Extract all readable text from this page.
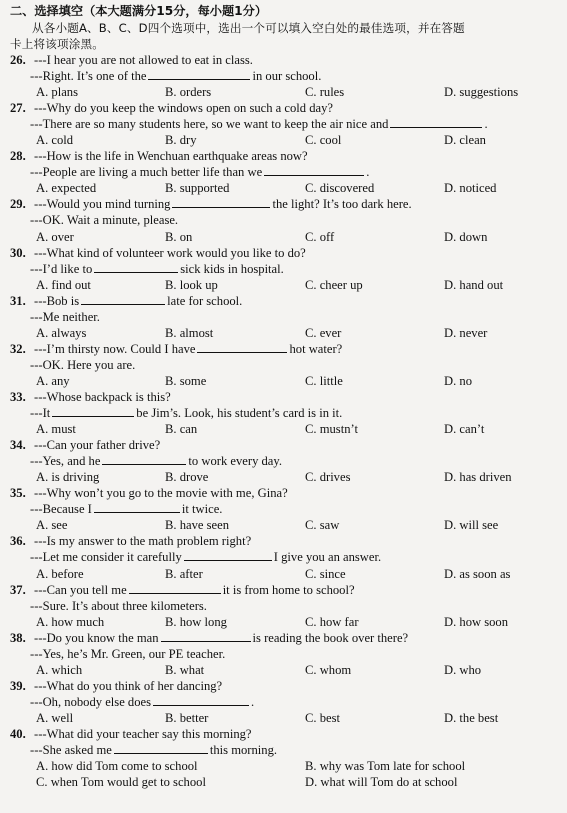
二、选择填空（本大题满分15分，每小题1分）
从各小题A、B、C、D四个选项中，选出一个可以填入空白处的最佳选项，并在答题
卡上将该项涂黑。
26. ---I hear you are not allowed to eat in class.
---Right. It’s one of the	in our school.
A. plans	B. orders	C. rules	D. suggestions
27. ---Why do you keep the windows open on such a cold day?
---There are so many students here, so we want to keep the air nice and	.
A. cold	B. dry	C. cool	D. clean
28. ---How is the life in Wenchuan earthquake areas now?
---People are living a much better life than we	.
A. expected	B. supported	C. discovered	D. noticed
29. ---Would you mind turning	the light? It’s too dark here.
---OK. Wait a minute, please.
A. over	B. on	C. off	D. down
30. ---What kind of volunteer work would you like to do?
---I’d like to	sick kids in hospital.
A. find out	B. look up	C. cheer up	D. hand out
31. ---Bob is	late for school.
---Me neither.
A. always	B. almost	C. ever	D. never
32. ---I’m thirsty now. Could I have	hot water?
---OK. Here you are.
A. any	B. some	C. little	D. no
33. ---Whose backpack is this?
---It	be Jim’s. Look, his student’s card is in it.
A. must	B. can	C. mustn’t	D. can’t
34. ---Can your father drive?
---Yes, and he	to work every day.
A. is driving	B. drove	C. drives	D. has driven
35. ---Why won’t you go to the movie with me, Gina?
---Because I	it twice.
A. see	B. have seen	C. saw	D. will see
36. ---Is my answer to the math problem right?
---Let me consider it carefully	I give you an answer.
A. before	B. after	C. since	D. as soon as
37. ---Can you tell me	it is from home to school?
---Sure. It’s about three kilometers.
A. how much	B. how long	C. how far	D. how soon
38. ---Do you know the man	is reading the book over there?
---Yes, he’s Mr. Green, our PE teacher.
A. which	B. what	C. whom	D. who
39. ---What do you think of her dancing?
---Oh, nobody else does	.
A. well	B. better	C. best	D. the best
40. ---What did your teacher say this morning?
---She asked me	this morning.
A. how did Tom come to school	B. why was Tom late for school
C. when Tom would get to school	D. what will Tom do at school
